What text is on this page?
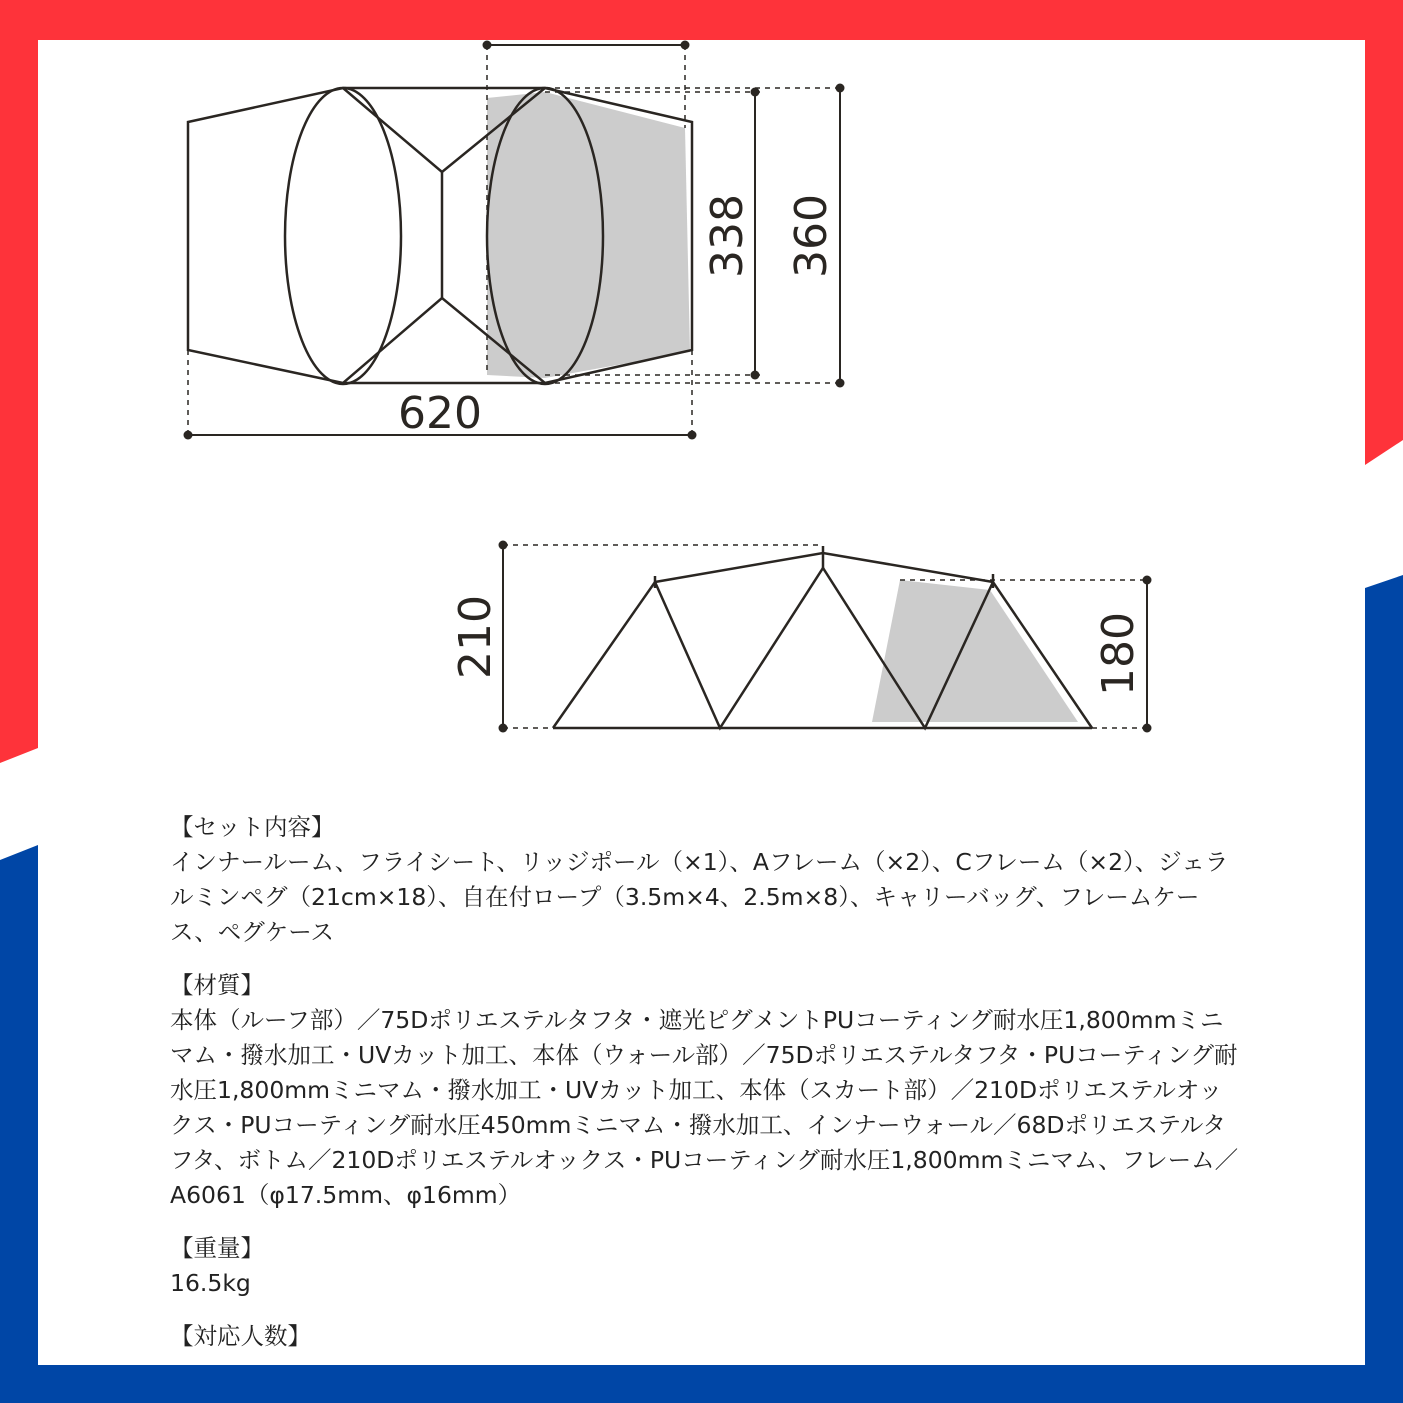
620
338 360
210	180
【セット内容】
インナールーム、フライシート、リッジポール（×1）、Aフレーム（×2）、Cフレーム（×2）、ジェラルミンペグ（21cm×18）、自在付ロープ（3.5m×4、2.5m×8）、キャリーバッグ、フレームケース、ペグケース
【材質】
本体（ルーフ部）／75Dポリエステルタフタ・遮光ピグメントPUコーティング耐水圧1,800mmミニマム・撥水加工・UVカット加工、本体（ウォール部）／75Dポリエステルタフタ・PUコーティング耐水圧1,800mmミニマム・撥水加工・UVカット加工、本体（スカート部）／210Dポリエステルオックス・PUコーティング耐水圧450mmミニマム・撥水加工、インナーウォール／68Dポリエステルタフタ、ボトム／210Dポリエステルオックス・PUコーティング耐水圧1,800mmミニマム、フレーム／A6061（φ17.5mm、φ16mm）
【重量】
16.5kg
【対応人数】
